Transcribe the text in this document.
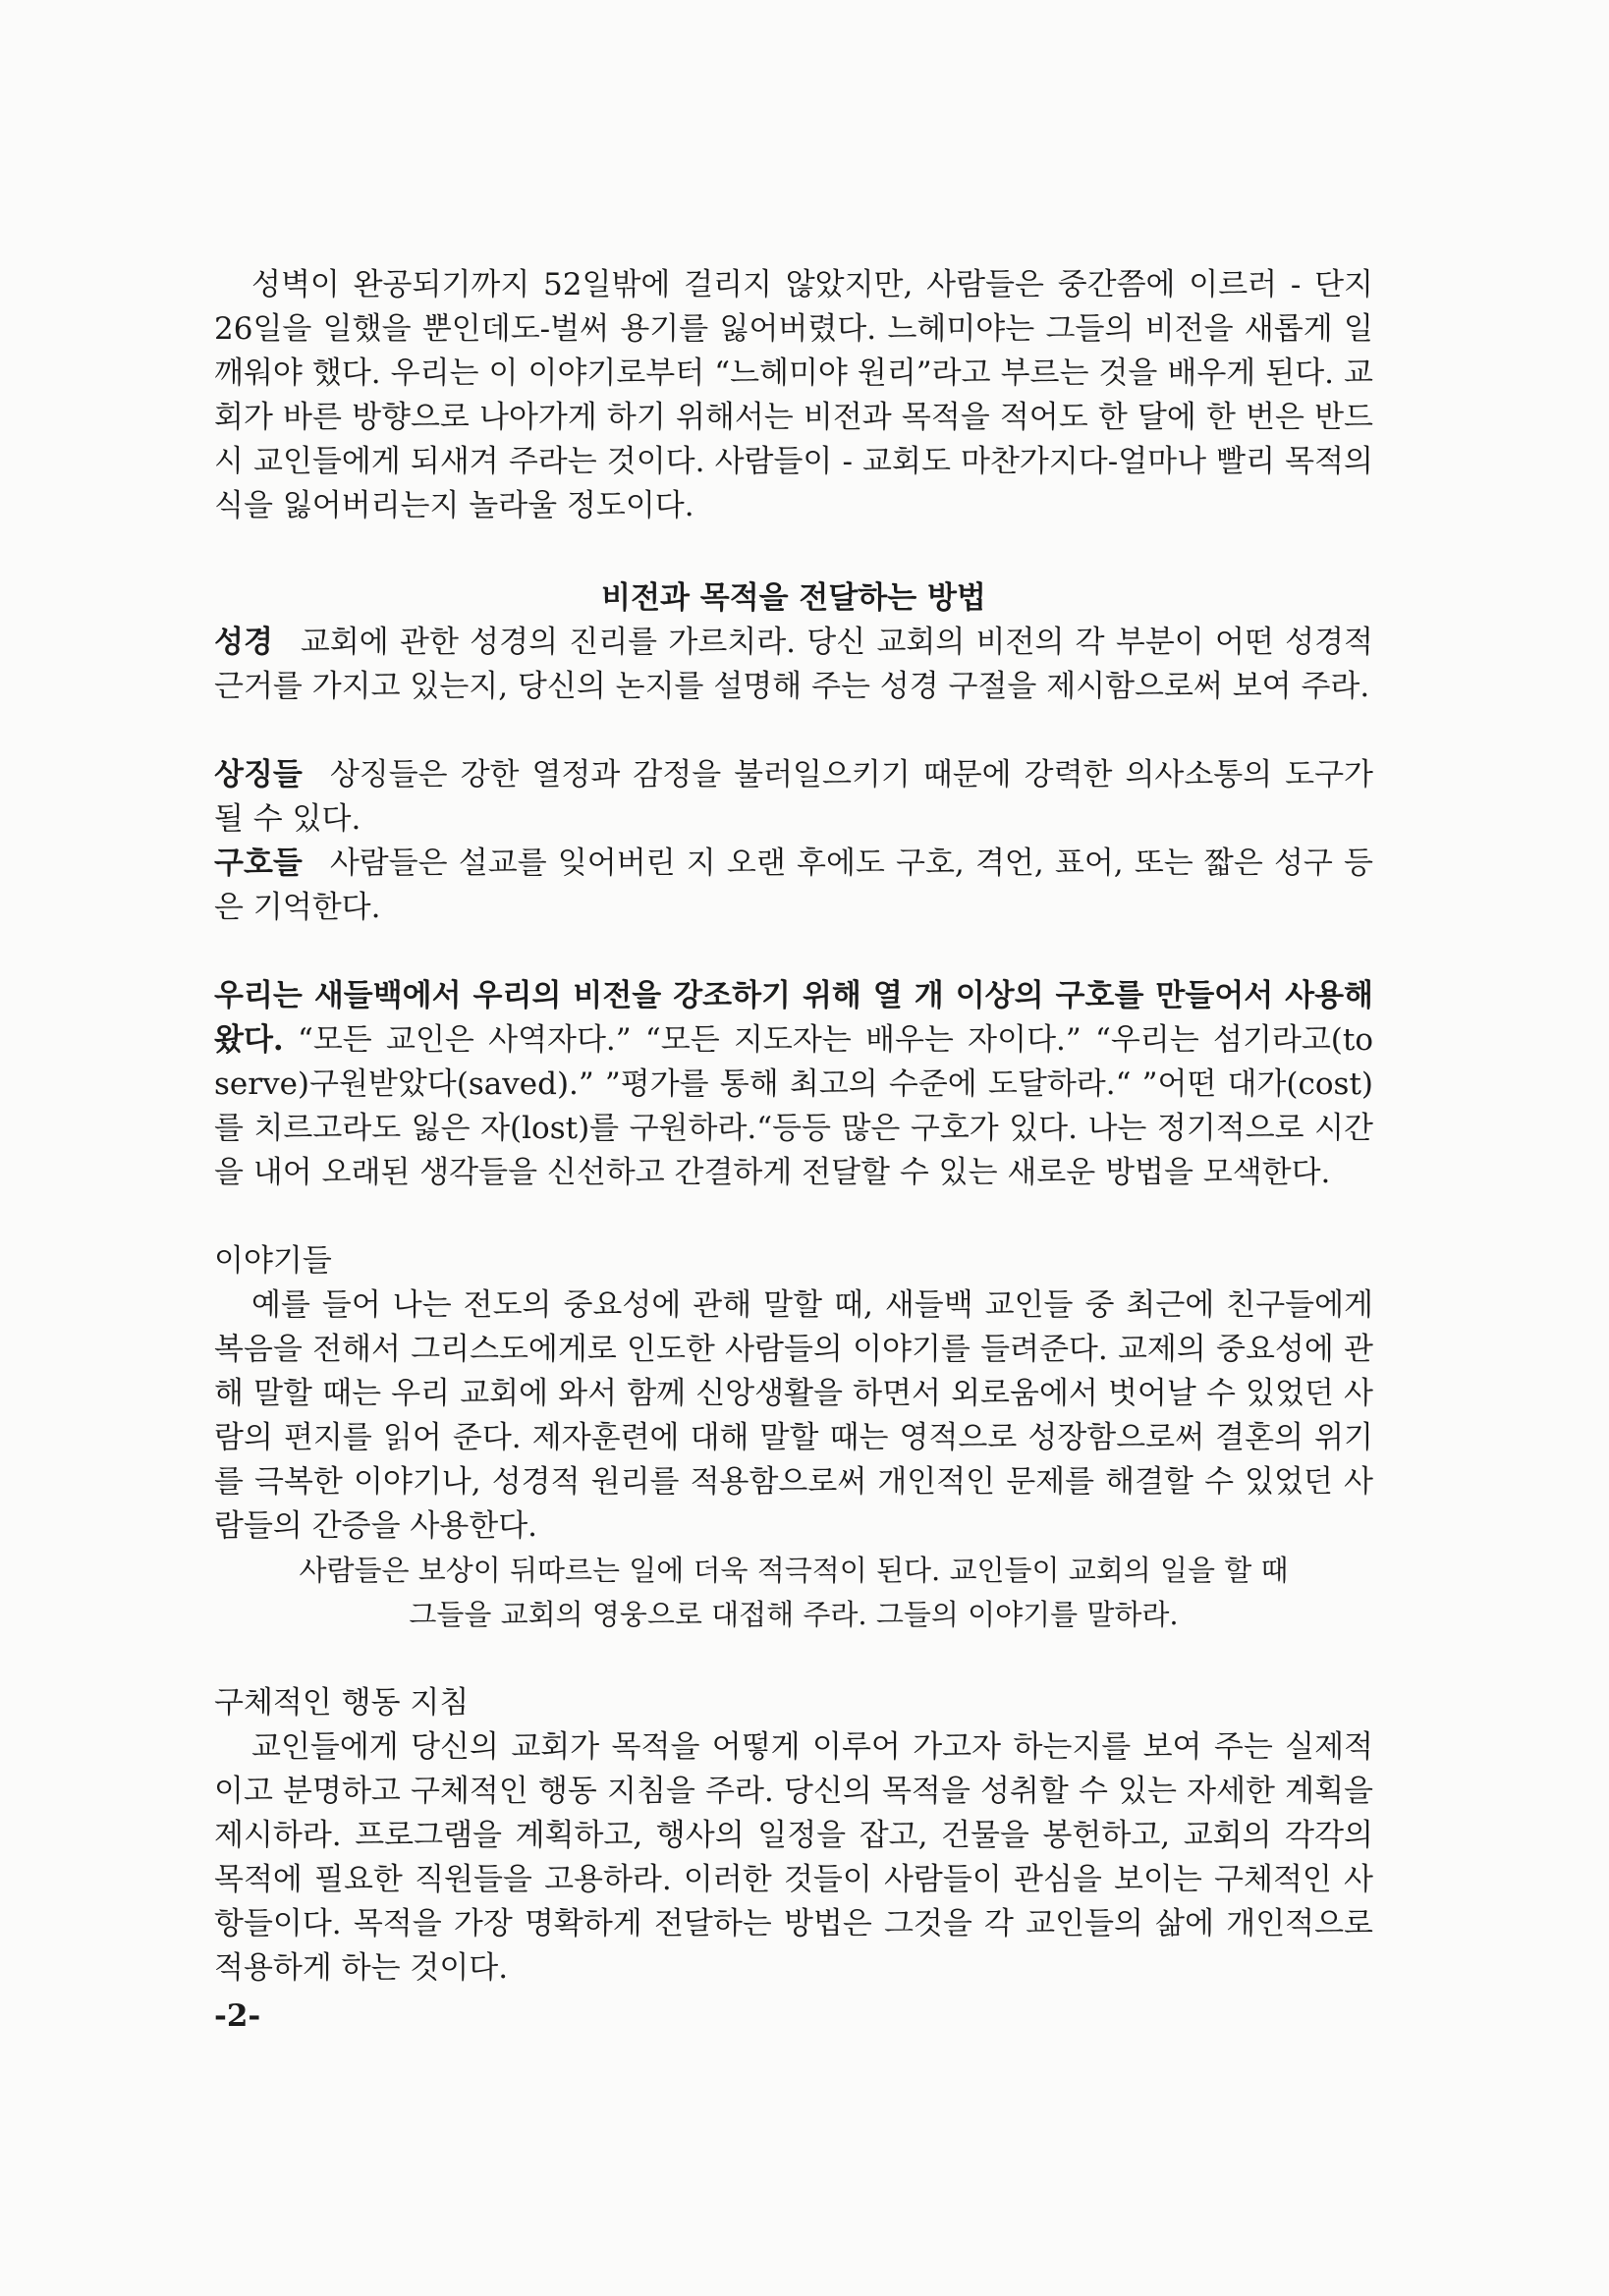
성벽이 완공되기까지 52일밖에 걸리지 않았지만, 사람들은 중간쯤에 이르러 - 단지 26일을 일했을 뿐인데도-벌써 용기를 잃어버렸다. 느헤미야는 그들의 비전을 새롭게 일깨워야 했다. 우리는 이 이야기로부터 “느헤미야 원리”라고 부르는 것을 배우게 된다. 교회가 바른 방향으로 나아가게 하기 위해서는 비전과 목적을 적어도 한 달에 한 번은 반드시 교인들에게 되새겨 주라는 것이다. 사람들이 - 교회도 마찬가지다-얼마나 빨리 목적의식을 잃어버리는지 놀라울 정도이다.

비전과 목적을 전달하는 방법

성경 교회에 관한 성경의 진리를 가르치라. 당신 교회의 비전의 각 부분이 어떤 성경적 근거를 가지고 있는지, 당신의 논지를 설명해 주는 성경 구절을 제시함으로써 보여 주라.

상징들 상징들은 강한 열정과 감정을 불러일으키기 때문에 강력한 의사소통의 도구가 될 수 있다.

구호들 사람들은 설교를 잊어버린 지 오랜 후에도 구호, 격언, 표어, 또는 짧은 성구 등은 기억한다.

우리는 새들백에서 우리의 비전을 강조하기 위해 열 개 이상의 구호를 만들어서 사용해 왔다. “모든 교인은 사역자다.” “모든 지도자는 배우는 자이다.” “우리는 섬기라고(to serve)구원받았다(saved).” ”평가를 통해 최고의 수준에 도달하라.“ ”어떤 대가(cost)를 치르고라도 잃은 자(lost)를 구원하라.“등등 많은 구호가 있다. 나는 정기적으로 시간을 내어 오래된 생각들을 신선하고 간결하게 전달할 수 있는 새로운 방법을 모색한다.

이야기들

예를 들어 나는 전도의 중요성에 관해 말할 때, 새들백 교인들 중 최근에 친구들에게 복음을 전해서 그리스도에게로 인도한 사람들의 이야기를 들려준다. 교제의 중요성에 관해 말할 때는 우리 교회에 와서 함께 신앙생활을 하면서 외로움에서 벗어날 수 있었던 사람의 편지를 읽어 준다. 제자훈련에 대해 말할 때는 영적으로 성장함으로써 결혼의 위기를 극복한 이야기나, 성경적 원리를 적용함으로써 개인적인 문제를 해결할 수 있었던 사람들의 간증을 사용한다.

사람들은 보상이 뒤따르는 일에 더욱 적극적이 된다. 교인들이 교회의 일을 할 때

그들을 교회의 영웅으로 대접해 주라. 그들의 이야기를 말하라.

구체적인 행동 지침

교인들에게 당신의 교회가 목적을 어떻게 이루어 가고자 하는지를 보여 주는 실제적이고 분명하고 구체적인 행동 지침을 주라. 당신의 목적을 성취할 수 있는 자세한 계획을 제시하라. 프로그램을 계획하고, 행사의 일정을 잡고, 건물을 봉헌하고, 교회의 각각의 목적에 필요한 직원들을 고용하라. 이러한 것들이 사람들이 관심을 보이는 구체적인 사항들이다. 목적을 가장 명확하게 전달하는 방법은 그것을 각 교인들의 삶에 개인적으로 적용하게 하는 것이다.

-2-
